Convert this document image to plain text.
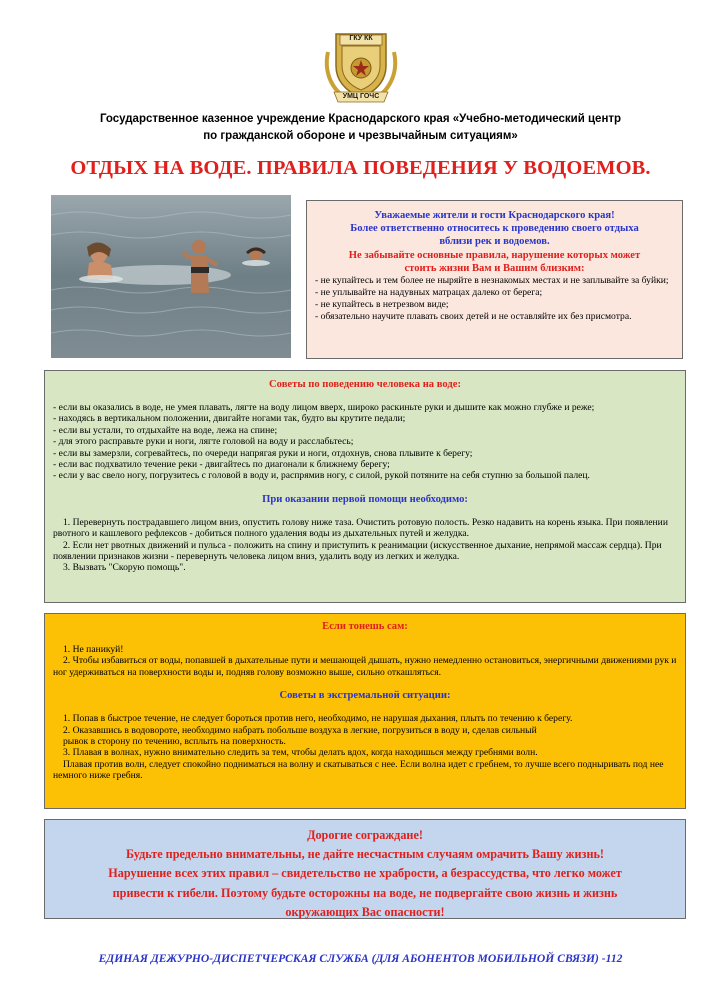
ГКУ КК
УМЦ ГОЧС
Государственное казенное учреждение Краснодарского края «Учебно-методический центр
по гражданской обороне и чрезвычайным ситуациям»
ОТДЫХ НА ВОДЕ. ПРАВИЛА ПОВЕДЕНИЯ У ВОДОЕМОВ.
Уважаемые жители и гости Краснодарского края!
Более ответственно относитесь к проведению своего отдыха
вблизи рек и водоемов.
Не забывайте основные правила, нарушение которых может
стоить жизни Вам и Вашим близким:
- не купайтесь и тем более не ныряйте в незнакомых местах и не заплывайте за буйки;
- не уплывайте на надувных матрацах далеко от берега;
- не купайтесь в нетрезвом виде;
- обязательно научите плавать своих детей и не оставляйте их без присмотра.
Советы по поведению человека на воде:
- если вы оказались в воде, не умея плавать, лягте на воду лицом вверх, широко раскиньте руки и дышите как можно глубже и реже;
- находясь в вертикальном положении, двигайте ногами так, будто вы крутите педали;
- если вы устали, то отдыхайте на воде, лежа на спине;
- для этого расправьте руки и ноги, лягте головой на воду и расслабьтесь;
- если вы замерзли, согревайтесь, по очереди напрягая руки и ноги, отдохнув, снова плывите к берегу;
- если вас подхватило течение реки - двигайтесь по диагонали к ближнему берегу;
- если у вас свело ногу, погрузитесь с головой в воду и, распрямив ногу, с силой, рукой потяните на себя ступню за большой палец.
При оказании первой помощи необходимо:
1. Перевернуть пострадавшего лицом вниз, опустить голову ниже таза. Очистить ротовую полость. Резко надавить на корень языка. При появлении рвотного и кашлевого рефлексов - добиться полного удаления воды из дыхательных путей и желудка.
2. Если нет рвотных движений и пульса - положить на спину и приступить к реанимации (искусственное дыхание, непрямой массаж сердца). При появлении признаков жизни - перевернуть человека лицом вниз, удалить воду из легких и желудка.
3. Вызвать "Скорую помощь".
Если тонешь сам:
1. Не паникуй!
2. Чтобы избавиться от воды, попавшей в дыхательные пути и мешающей дышать, нужно немедленно остановиться, энергичными движениями рук и ног удерживаться на поверхности воды и, подняв голову возможно выше, сильно откашляться.
Советы в экстремальной ситуации:
1. Попав в быстрое течение, не следует бороться против него, необходимо, не нарушая дыхания, плыть по течению к берегу.
2. Оказавшись в водовороте, необходимо набрать побольше воздуха в легкие, погрузиться в воду и, сделав сильный
рывок в сторону по течению, всплыть на поверхность.
3. Плавая в волнах, нужно внимательно следить за тем, чтобы делать вдох, когда находишься между гребнями волн.
Плавая против волн, следует спокойно подниматься на волну и скатываться с нее. Если волна идет с гребнем, то лучше всего подныривать под нее немного ниже гребня.
Дорогие сограждане!
Будьте предельно внимательны, не дайте несчастным случаям омрачить Вашу жизнь!
Нарушение всех этих правил – свидетельство не храбрости, а безрассудства, что легко может
привести к гибели. Поэтому будьте осторожны на воде, не подвергайте свою жизнь и жизнь
окружающих Вас опасности!
ЕДИНАЯ ДЕЖУРНО-ДИСПЕТЧЕРСКАЯ СЛУЖБА (ДЛЯ АБОНЕНТОВ МОБИЛЬНОЙ СВЯЗИ) -112
